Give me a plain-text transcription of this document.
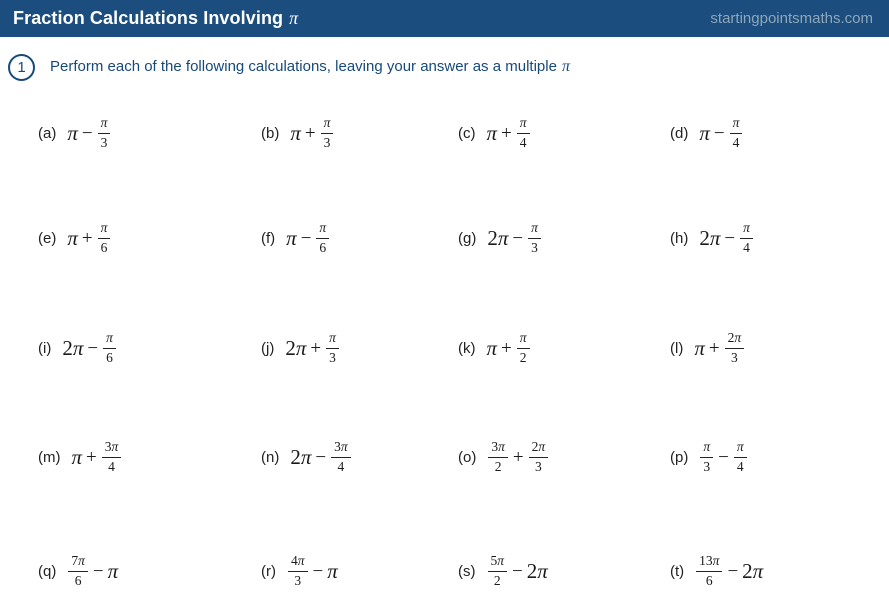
Fraction Calculations Involving π	startingpointsmaths.com
1 Perform each of the following calculations, leaving your answer as a multiple π
(a) $\pi - \frac{\pi}{3}$	(b) $\pi + \frac{\pi}{3}$	(c) $\pi + \frac{\pi}{4}$	(d) $\pi - \frac{\pi}{4}$
(e) $\pi + \frac{\pi}{6}$	(f) $\pi - \frac{\pi}{6}$	(g) $2\pi - \frac{\pi}{3}$	(h) $2\pi - \frac{\pi}{4}$
(i) $2\pi - \frac{\pi}{6}$	(j) $2\pi + \frac{\pi}{3}$	(k) $\pi + \frac{\pi}{2}$	(l) $\pi + \frac{2\pi}{3}$
(m) $\pi + \frac{3\pi}{4}$	(n) $2\pi - \frac{3\pi}{4}$	$(o) \frac{3\pi}{2} + \frac{2\pi}{3}$	$(p) \frac{\pi}{3} - \frac{\pi}{4}$
$(q) \frac{7\pi}{6} - \pi$	$(r) \frac{4\pi}{3} - \pi$	$(s) \frac{5\pi}{2} - 2\pi$	$(t) \frac{13\pi}{6} - 2\pi$
